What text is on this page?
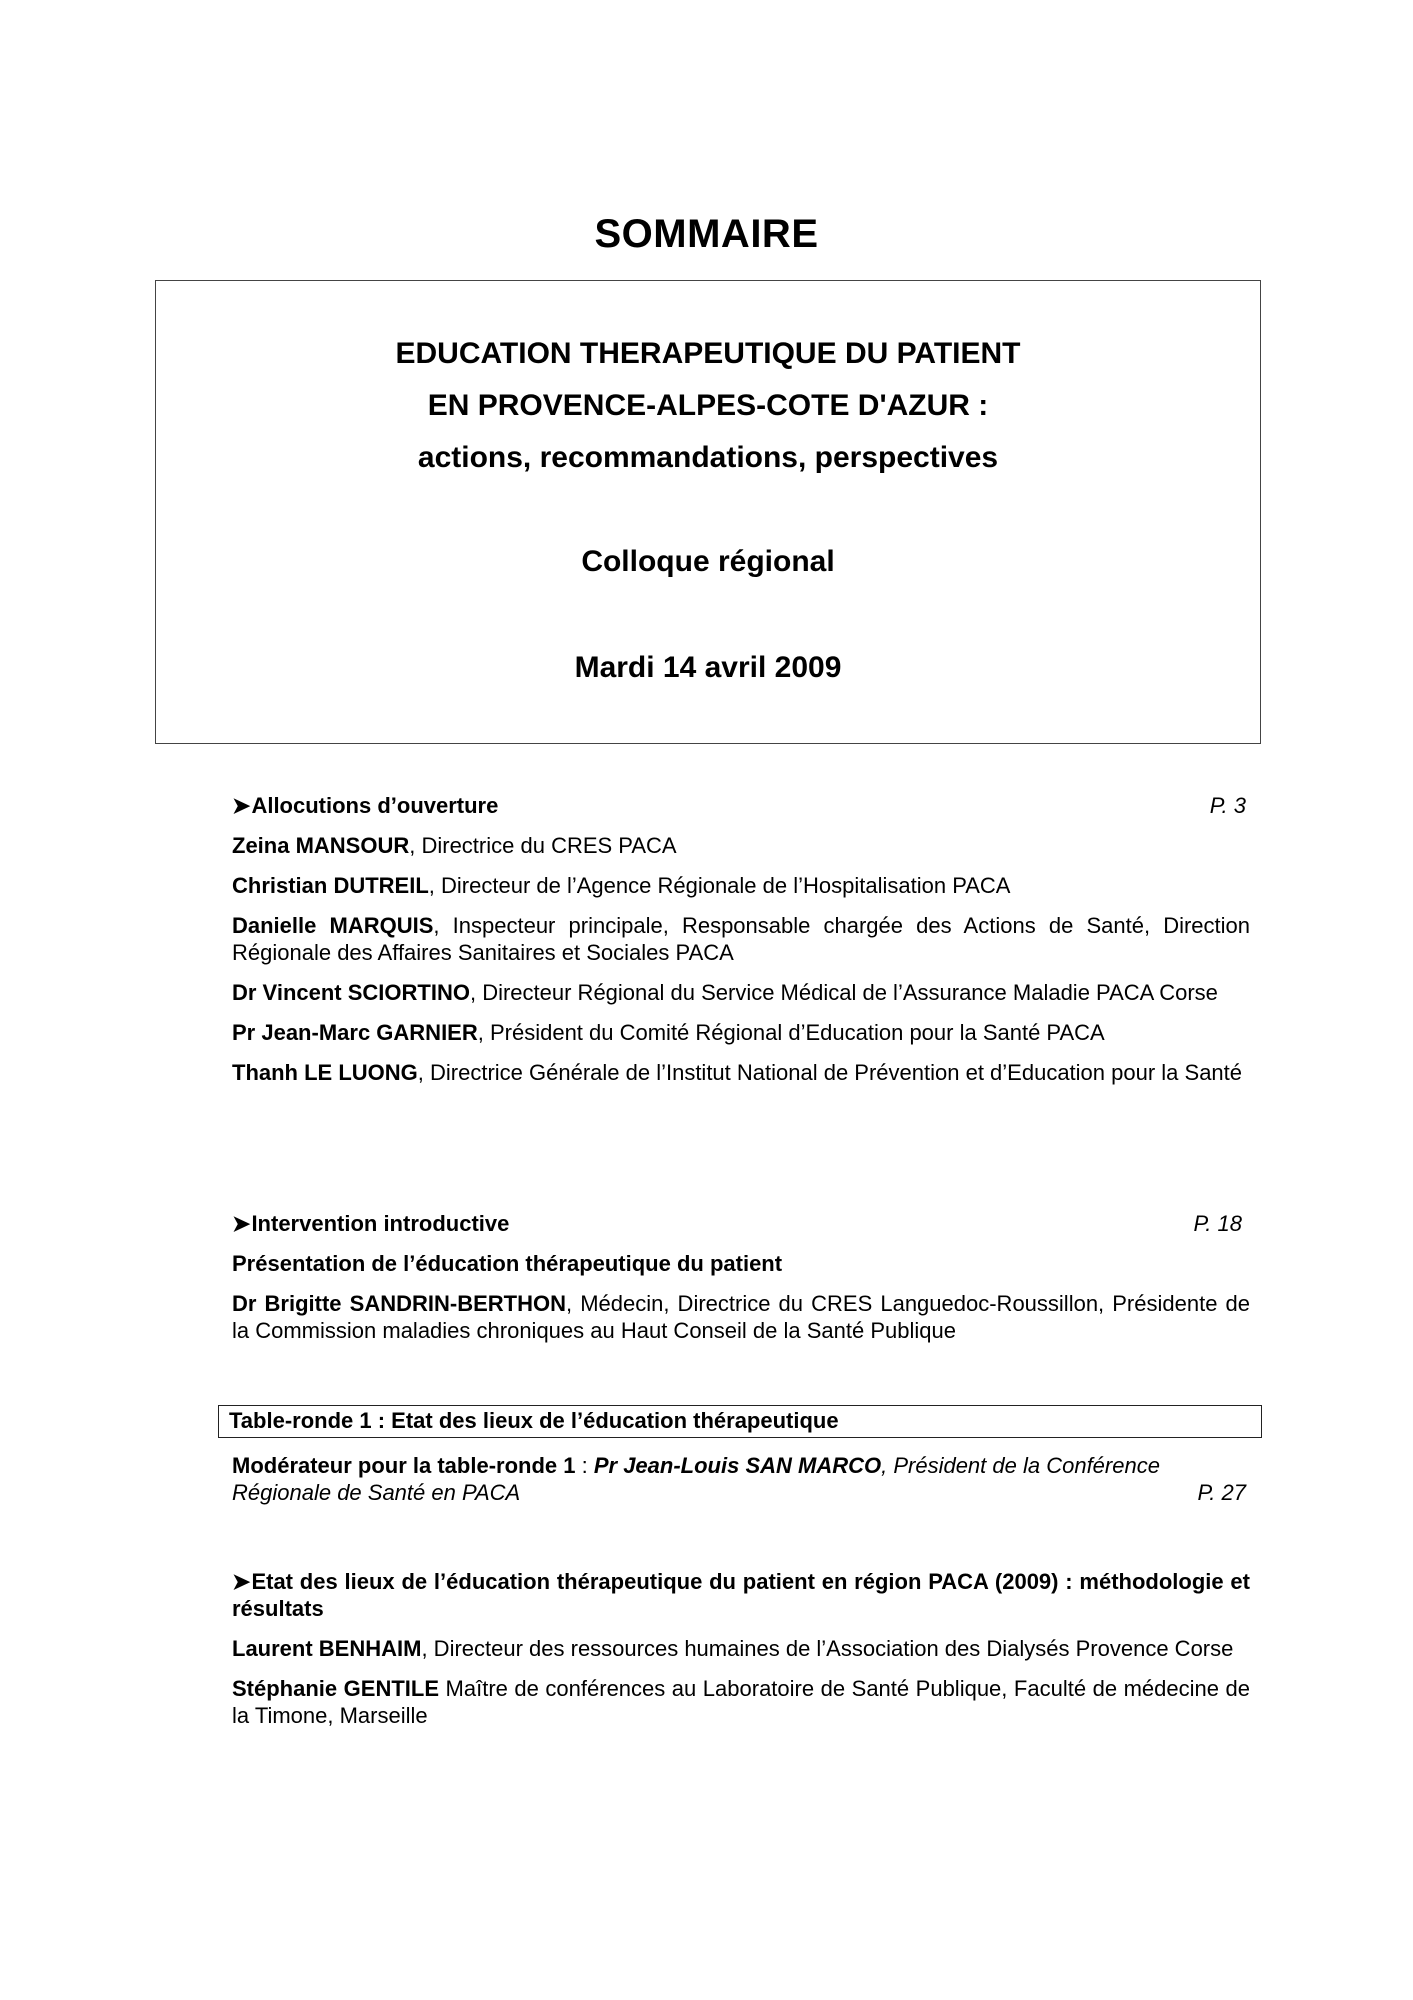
SOMMAIRE
EDUCATION THERAPEUTIQUE DU PATIENT
EN PROVENCE-ALPES-COTE D'AZUR :
actions, recommandations, perspectives
Colloque régional
Mardi 14 avril 2009
➤Allocutions d’ouverture	P. 3
Zeina MANSOUR, Directrice du CRES PACA
Christian DUTREIL, Directeur de l’Agence Régionale de l’Hospitalisation PACA
Danielle MARQUIS, Inspecteur principale, Responsable chargée des Actions de Santé, Direction Régionale des Affaires Sanitaires et Sociales PACA
Dr Vincent SCIORTINO, Directeur Régional du Service Médical de l’Assurance Maladie PACA Corse
Pr Jean-Marc GARNIER, Président du Comité Régional d’Education pour la Santé PACA
Thanh LE LUONG, Directrice Générale de l’Institut National de Prévention et d’Education pour la Santé
➤Intervention introductive	P. 18
Présentation de l’éducation thérapeutique du patient
Dr Brigitte SANDRIN-BERTHON, Médecin, Directrice du CRES Languedoc-Roussillon, Présidente de la Commission maladies chroniques au Haut Conseil de la Santé Publique
Table-ronde 1 : Etat des lieux de l’éducation thérapeutique
Modérateur pour la table-ronde 1 : Pr Jean-Louis SAN MARCO, Président de la Conférence
Régionale de Santé en PACA	P. 27
➤Etat des lieux de l’éducation thérapeutique du patient en région PACA (2009) : méthodologie et résultats
Laurent BENHAIM, Directeur des ressources humaines de l’Association des Dialysés Provence Corse
Stéphanie GENTILE Maître de conférences au Laboratoire de Santé Publique, Faculté de médecine de la Timone, Marseille
